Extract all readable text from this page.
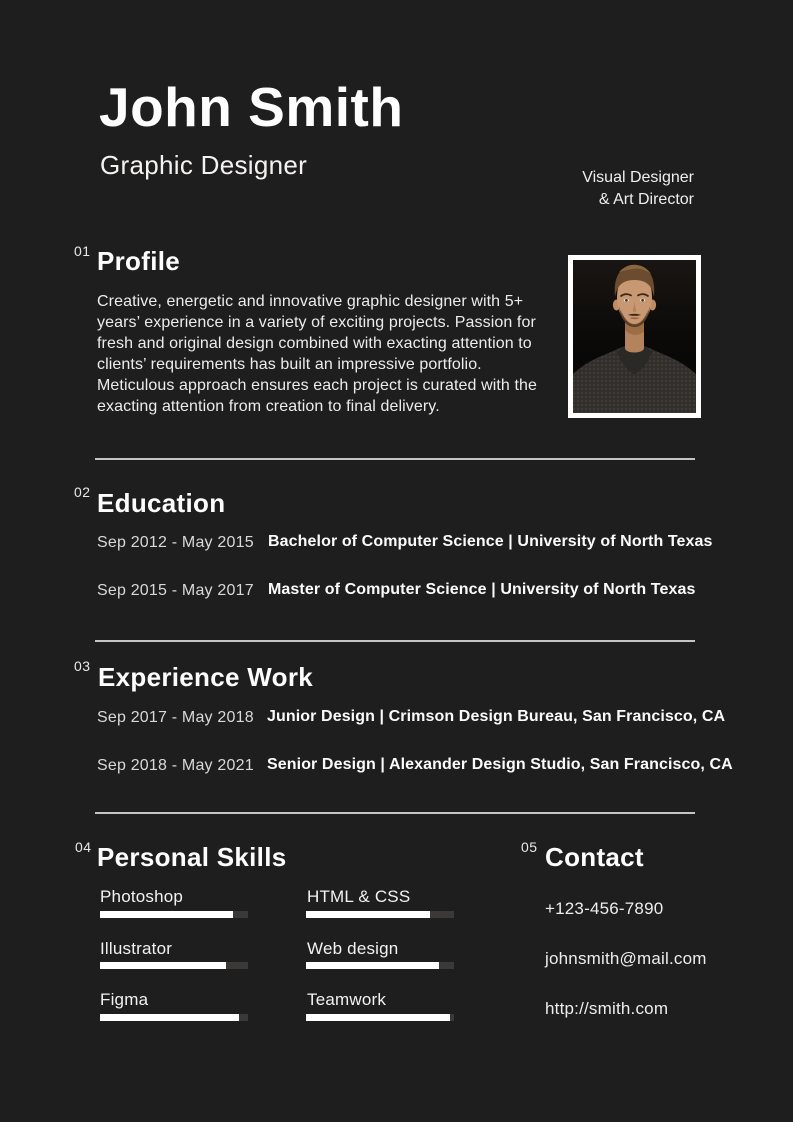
John Smith
Graphic Designer	Visual Designer
& Art Director
01 Profile
Creative, energetic and innovative graphic designer with 5+
years’ experience in a variety of exciting projects. Passion for
fresh and original design combined with exacting attention to
clients’ requirements has built an impressive portfolio.
Meticulous approach ensures each project is curated with the
exacting attention from creation to final delivery.
02 Education
Sep 2012 - May 2015 Bachelor of Computer Science | University of North Texas
Sep 2015 - May 2017 Master of Computer Science | University of North Texas
03 Experience Work
Sep 2017 - May 2018 Junior Design | Crimson Design Bureau, San Francisco, CA
Sep 2018 - May 2021 Senior Design | Alexander Design Studio, San Francisco, CA
04 Personal Skills
Photoshop
Illustrator
Figma
HTML & CSS
Web design
Teamwork
05 Contact
+123-456-7890
johnsmith@mail.com
http://smith.com
